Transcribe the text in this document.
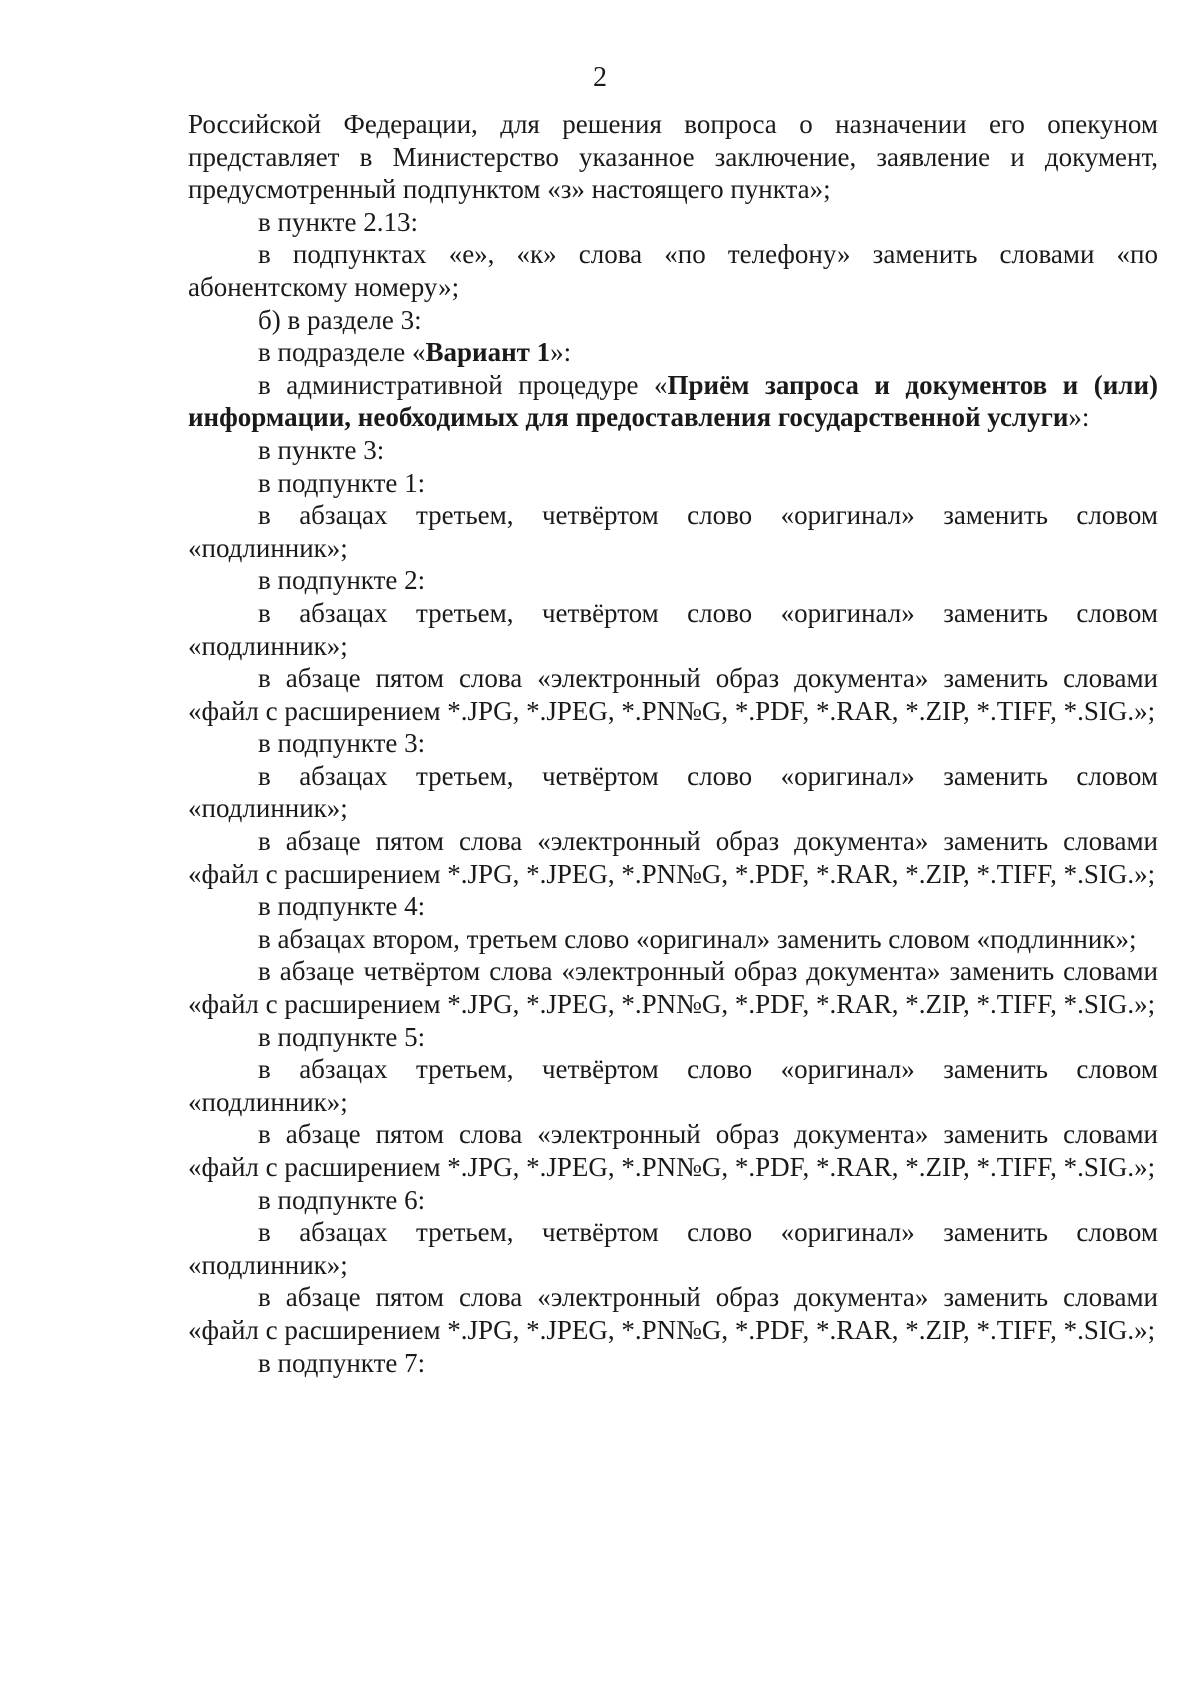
2

Российской Федерации, для решения вопроса о назначении его опекуном представляет в Министерство указанное заключение, заявление и документ, предусмотренный подпунктом «з» настоящего пункта»;

в пункте 2.13:

в подпунктах «е», «к» слова «по телефону» заменить словами «по абонентскому номеру»;

б) в разделе 3:

в подразделе «Вариант 1»:

в административной процедуре «Приём запроса и документов и (или) информации, необходимых для предоставления государственной услуги»:

в пункте 3:

в подпункте 1:

в абзацах третьем, четвёртом слово «оригинал» заменить словом «подлинник»;

в подпункте 2:

в абзацах третьем, четвёртом слово «оригинал» заменить словом «подлинник»;

в абзаце пятом слова «электронный образ документа» заменить словами «файл с расширением *.JPG, *.JPEG, *.PN№G, *.PDF, *.RAR, *.ZIP, *.TIFF, *.SIG.»;

в подпункте 3:

в абзацах третьем, четвёртом слово «оригинал» заменить словом «подлинник»;

в абзаце пятом слова «электронный образ документа» заменить словами «файл с расширением *.JPG, *.JPEG, *.PN№G, *.PDF, *.RAR, *.ZIP, *.TIFF, *.SIG.»;

в подпункте 4:

в абзацах втором, третьем слово «оригинал» заменить словом «подлинник»;

в абзаце четвёртом слова «электронный образ документа» заменить словами «файл с расширением *.JPG, *.JPEG, *.PN№G, *.PDF, *.RAR, *.ZIP, *.TIFF, *.SIG.»;

в подпункте 5:

в абзацах третьем, четвёртом слово «оригинал» заменить словом «подлинник»;

в абзаце пятом слова «электронный образ документа» заменить словами «файл с расширением *.JPG, *.JPEG, *.PN№G, *.PDF, *.RAR, *.ZIP, *.TIFF, *.SIG.»;

в подпункте 6:

в абзацах третьем, четвёртом слово «оригинал» заменить словом «подлинник»;

в абзаце пятом слова «электронный образ документа» заменить словами «файл с расширением *.JPG, *.JPEG, *.PN№G, *.PDF, *.RAR, *.ZIP, *.TIFF, *.SIG.»;

в подпункте 7:
